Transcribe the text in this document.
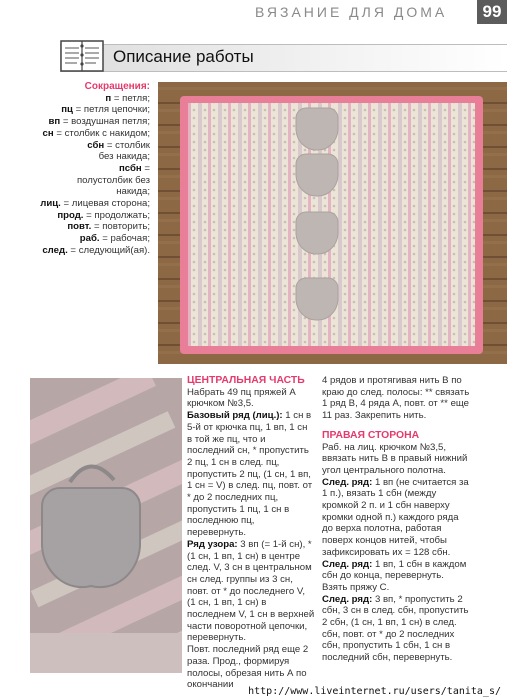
ВЯЗАНИЕ ДЛЯ ДОМА	99
Описание работы
Сокращения:
п = петля;
пц = петля цепочки;
вп = воздушная петля;
сн = столбик с накидом;
сбн = столбик без накида;
псбн = полустолбик без накида;
лиц. = лицевая сторона;
прод. = продолжать;
повт. = повторить;
раб. = рабочая;
след. = следующий(ая).
ЦЕНТРАЛЬНАЯ ЧАСТЬ

Набрать 49 пц пряжей А крючком №3,5.

Базовый ряд (лиц.): 1 сн в 5-й от крючка пц, 1 вп, 1 сн в той же пц, что и последний сн, * пропустить 2 пц, 1 сн в след. пц, пропустить 2 пц, (1 сн, 1 вп, 1 сн = V) в след. пц, повт. от * до 2 последних пц, пропустить 1 пц, 1 сн в последнюю пц, перевернуть.

Ряд узора: 3 вп (= 1-й сн), * (1 сн, 1 вп, 1 сн) в центре след. V, 3 сн в центральном сн след. группы из 3 сн, повт. от * до последнего V, (1 сн, 1 вп, 1 сн) в последнем V, 1 сн в верхней части поворотной цепочки, перевернуть.

Повт. последний ряд еще 2 раза. Прод., формируя полосы, обрезая нить А по окончании

4 рядов и протягивая нить В по краю до след. полосы: ** связать 1 ряд В, 4 ряда А, повт. от ** еще 11 раз. Закрепить нить.

ПРАВАЯ СТОРОНА

Раб. на лиц. крючком №3,5, ввязать нить В в правый нижний угол центрального полотна.

След. ряд: 1 вп (не считается за 1 п.), вязать 1 сбн (между кромкой 2 п. и 1 сбн наверху кромки одной п.) каждого ряда до верха полотна, работая поверх концов нитей, чтобы зафиксировать их = 128 сбн.

След. ряд: 1 вп, 1 сбн в каждом сбн до конца, перевернуть. Взять пряжу С.

След. ряд: 3 вп, * пропустить 2 сбн, 3 сн в след. сбн, пропустить 2 сбн, (1 сн, 1 вп, 1 сн) в след. сбн, повт. от * до 2 последних сбн, пропустить 1 сбн, 1 сн в последний сбн, перевернуть.

http://www.liveinternet.ru/users/tanita_s/
